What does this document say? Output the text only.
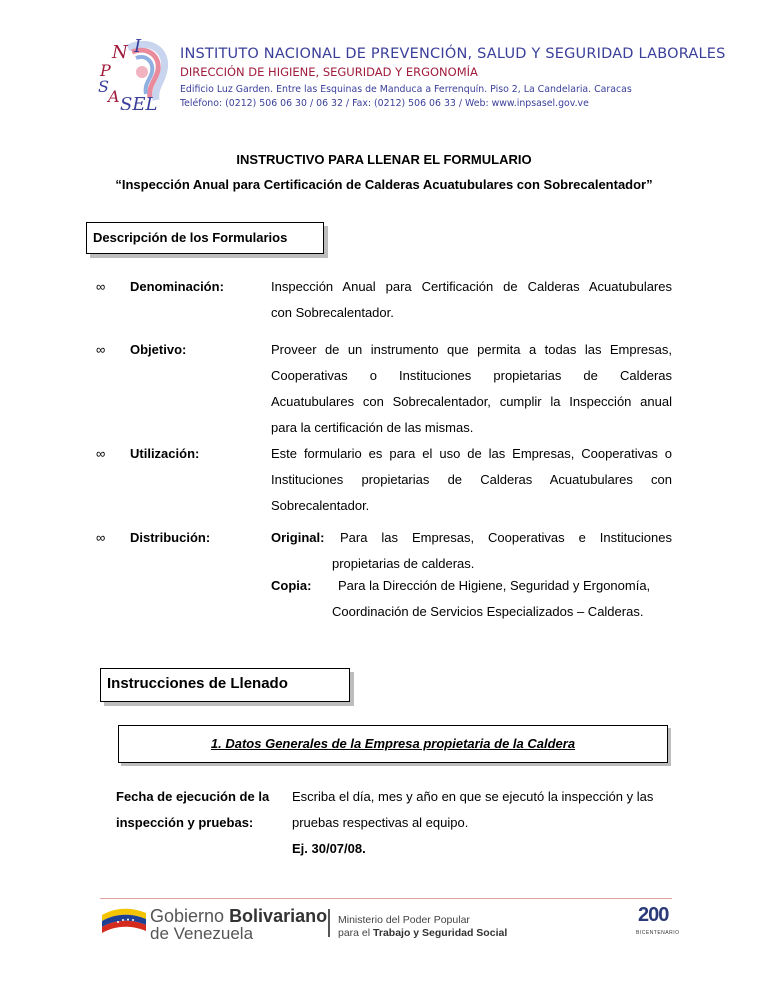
N I
P
S
A SEL
INSTITUTO NACIONAL DE PREVENCIÓN, SALUD Y SEGURIDAD LABORALES
DIRECCIÓN DE HIGIENE, SEGURIDAD Y ERGONOMÍA
Edificio Luz Garden. Entre las Esquinas de Manduca a Ferrenquín. Piso 2, La Candelaria. Caracas
Teléfono: (0212) 506 06 30 / 06 32 / Fax: (0212) 506 06 33 / Web: www.inpsasel.gov.ve
INSTRUCTIVO PARA LLENAR EL FORMULARIO
“Inspección Anual para Certificación de Calderas Acuatubulares con Sobrecalentador”
Descripción de los Formularios
∞ Denominación:	Inspección Anual para Certificación de Calderas Acuatubulares
con Sobrecalentador.
∞ Objetivo:	Proveer de un instrumento que permita a todas las Empresas,
Cooperativas o Instituciones propietarias de Calderas
Acuatubulares con Sobrecalentador, cumplir la Inspección anual
para la certificación de las mismas.
∞ Utilización:	Este formulario es para el uso de las Empresas, Cooperativas o
Instituciones propietarias de Calderas Acuatubulares con
Sobrecalentador.
∞ Distribución:	Original: Para las Empresas, Cooperativas e Instituciones
propietarias de calderas.
Copia: Para la Dirección de Higiene, Seguridad y Ergonomía,
Coordinación de Servicios Especializados – Calderas.
Instrucciones de Llenado
1. Datos Generales de la Empresa propietaria de la Caldera
Fecha de ejecución de la
inspección y pruebas:
Escriba el día, mes y año en que se ejecutó la inspección y las
pruebas respectivas al equipo.
Ej. 30/07/08.
Gobierno Bolivariano
de Venezuela
Ministerio del Poder Popular
para el Trabajo y Seguridad Social
200
BICENTENARIO
